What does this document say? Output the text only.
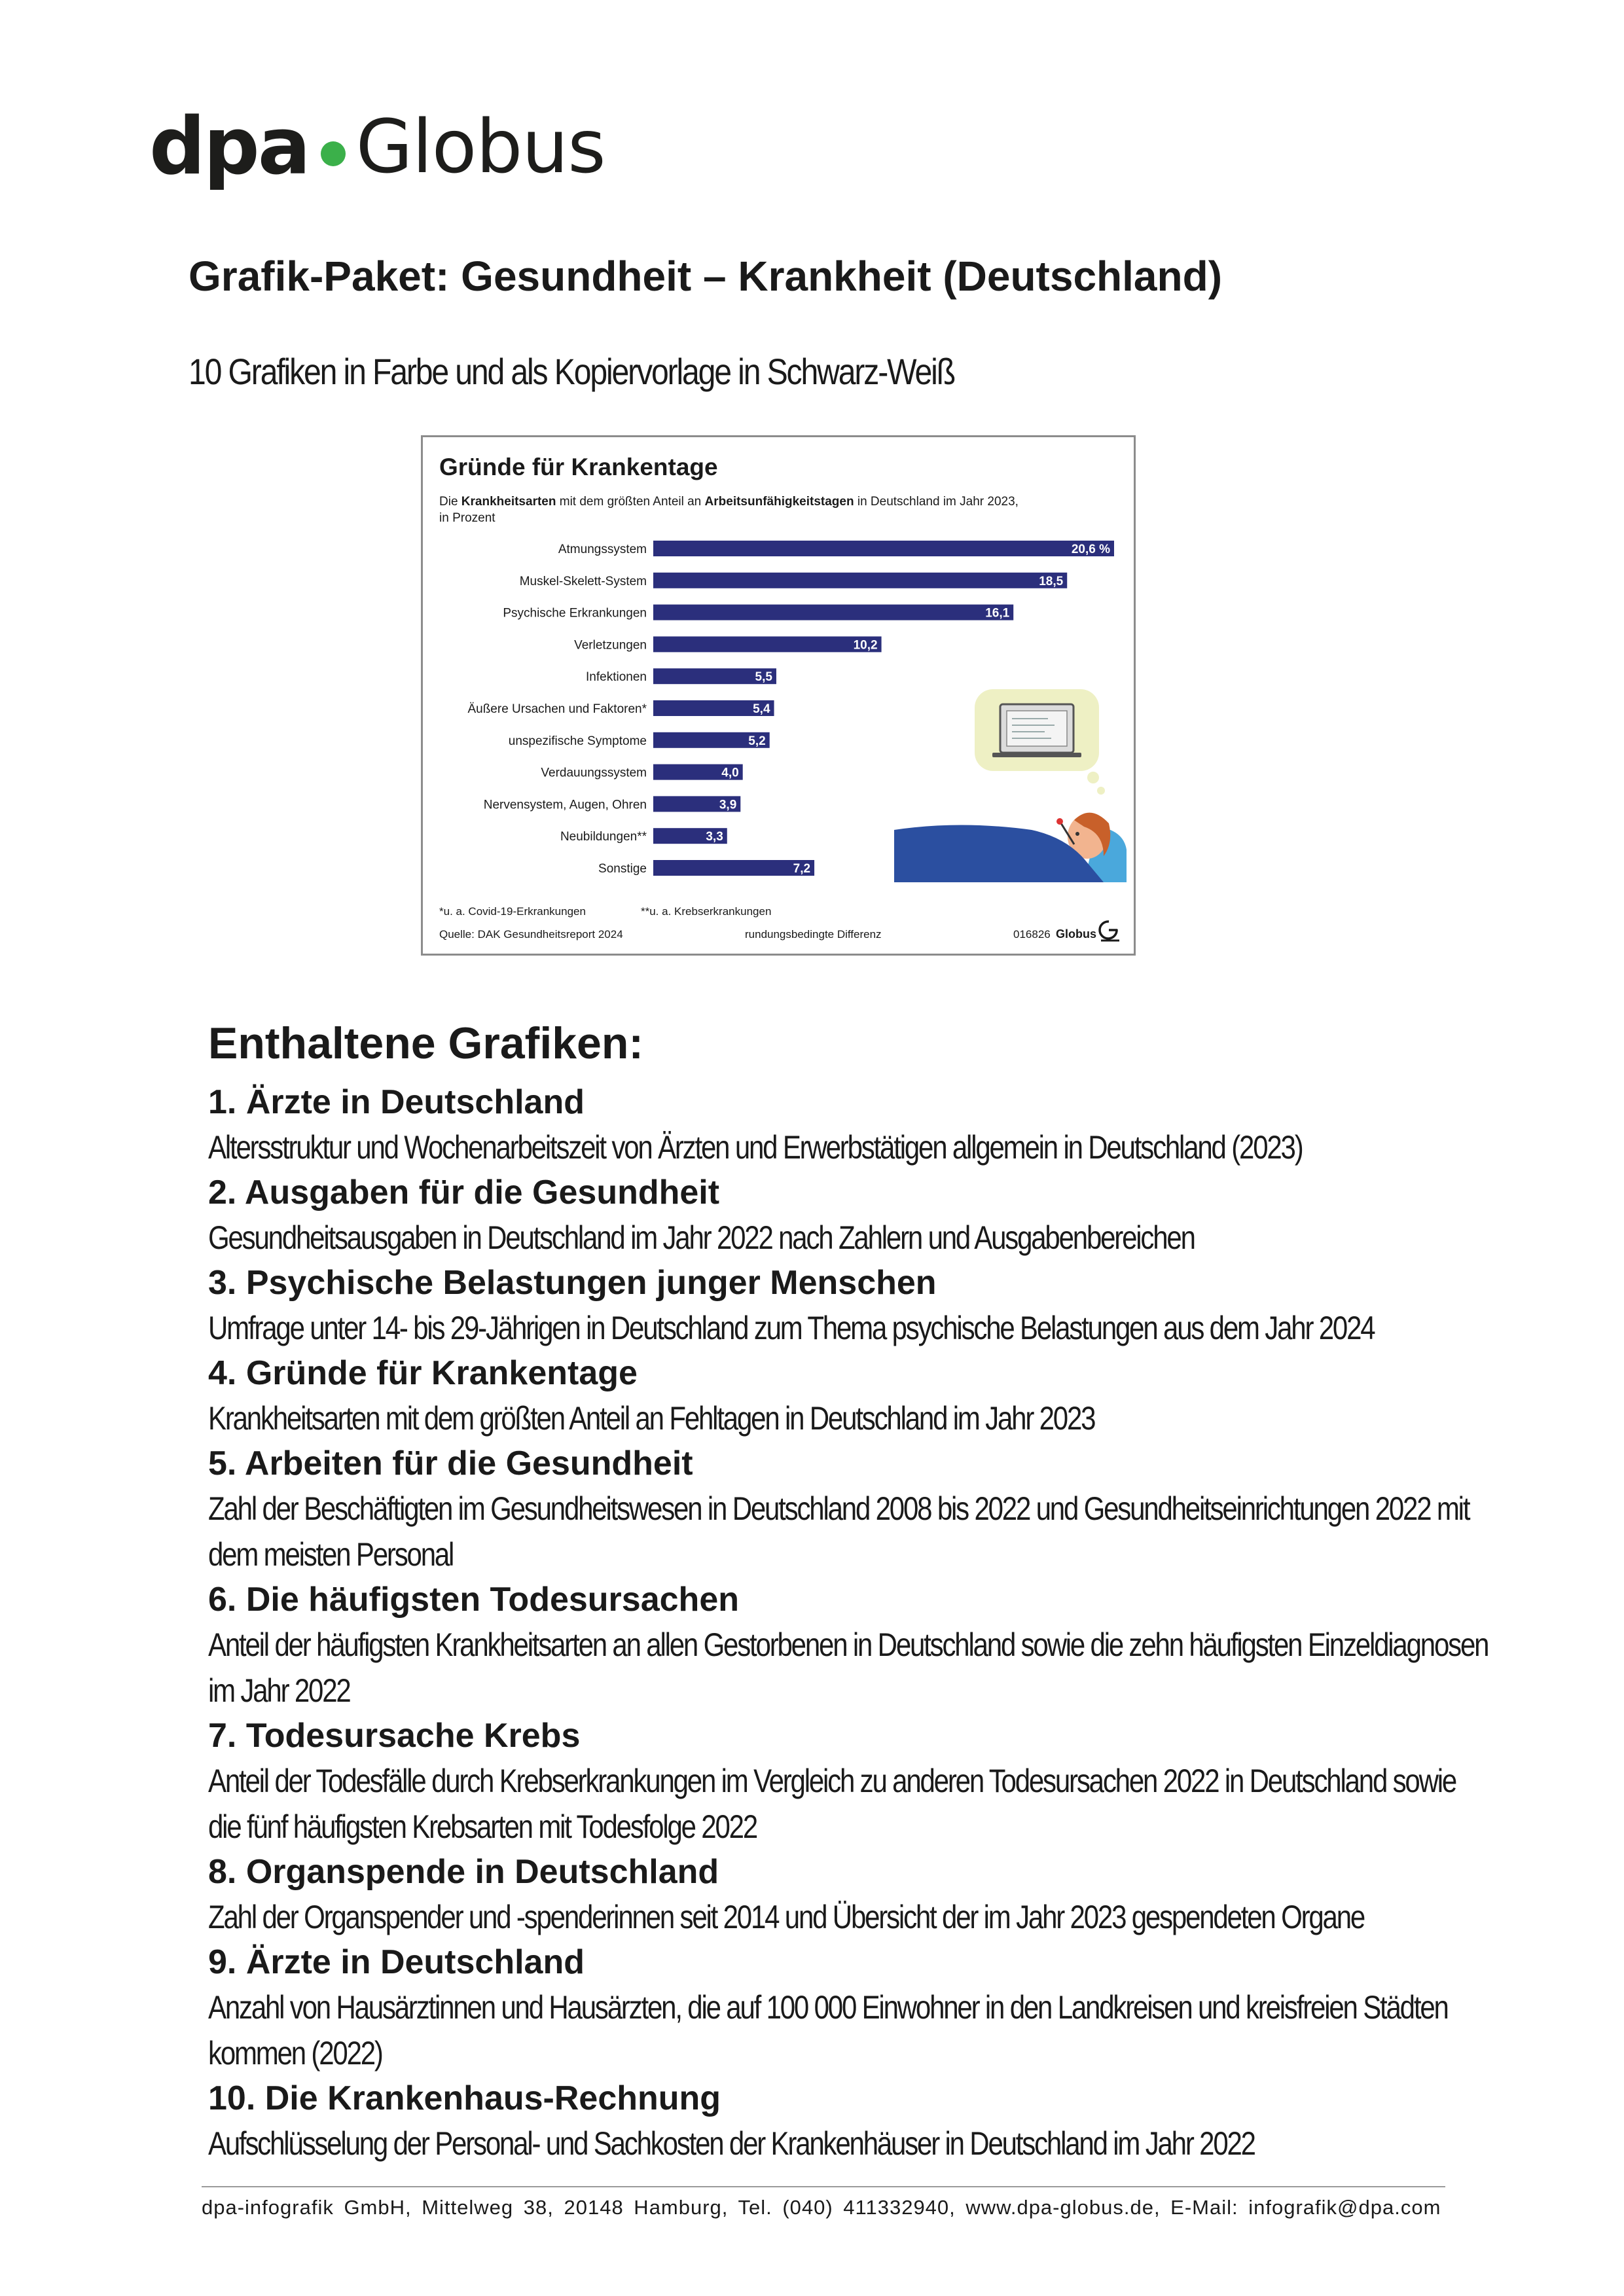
dpa Globus
Grafik-Paket: Gesundheit – Krankheit (Deutschland)
10 Grafiken in Farbe und als Kopiervorlage in Schwarz-Weiß
Gründe für Krankentage
Die Krankheitsarten mit dem größten Anteil an Arbeitsunfähigkeitstagen in Deutschland im Jahr 2023,
in Prozent
Atmungssystem	20,6 %
Muskel-Skelett-System	18,5
Psychische Erkrankungen	16,1
Verletzungen	10,2
Infektionen	5,5
Äußere Ursachen und Faktoren*	5,4
unspezifische Symptome	5,2
Verdauungssystem	4,0
Nervensystem, Augen, Ohren	3,9
Neubildungen**	3,3
Sonstige	7,2
*u. a. Covid-19-Erkrankungen	**u. a. Krebserkrankungen
Quelle: DAK Gesundheitsreport 2024	rundungsbedingte Differenz	016826 Globus
Enthaltene Grafiken:
1. Ärzte in Deutschland
Altersstruktur und Wochenarbeitszeit von Ärzten und Erwerbstätigen allgemein in Deutschland (2023)
2. Ausgaben für die Gesundheit
Gesundheitsausgaben in Deutschland im Jahr 2022 nach Zahlern und Ausgabenbereichen
3. Psychische Belastungen junger Menschen
Umfrage unter 14- bis 29-Jährigen in Deutschland zum Thema psychische Belastungen aus dem Jahr 2024
4. Gründe für Krankentage
Krankheitsarten mit dem größten Anteil an Fehltagen in Deutschland im Jahr 2023
5. Arbeiten für die Gesundheit
Zahl der Beschäftigten im Gesundheitswesen in Deutschland 2008 bis 2022 und Gesundheitseinrichtungen 2022 mit dem meisten Personal
6. Die häufigsten Todesursachen
Anteil der häufigsten Krankheitsarten an allen Gestorbenen in Deutschland sowie die zehn häufigsten Einzeldiagnosen im Jahr 2022
7. Todesursache Krebs
Anteil der Todesfälle durch Krebserkrankungen im Vergleich zu anderen Todesursachen 2022 in Deutschland sowie die fünf häufigsten Krebsarten mit Todesfolge 2022
8. Organspende in Deutschland
Zahl der Organspender und -spenderinnen seit 2014 und Übersicht der im Jahr 2023 gespendeten Organe
9. Ärzte in Deutschland
Anzahl von Hausärztinnen und Hausärzten, die auf 100 000 Einwohner in den Landkreisen und kreisfreien Städten kommen (2022)
10. Die Krankenhaus-Rechnung
Aufschlüsselung der Personal- und Sachkosten der Krankenhäuser in Deutschland im Jahr 2022
dpa-infografik GmbH, Mittelweg 38, 20148 Hamburg, Tel. (040) 411332940, www.dpa-globus.de, E-Mail: infografik@dpa.com
